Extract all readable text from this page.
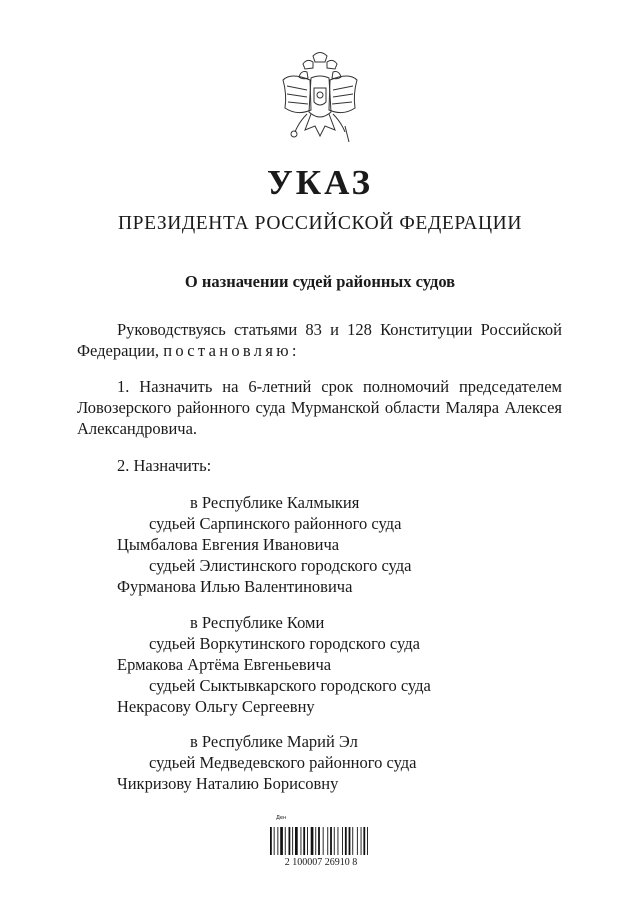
УКАЗ
ПРЕЗИДЕНТА РОССИЙСКОЙ ФЕДЕРАЦИИ
О назначении судей районных судов
Руководствуясь статьями 83 и 128 Конституции Российской
Федерации, постановляю:
1. Назначить на 6-летний срок полномочий председателем Ловозерского районного суда Мурманской области Маляра Алексея Александровича.
2. Назначить:
в Республике Калмыкия
судьей Сарпинского районного суда
Цымбалова Евгения Ивановича
судьей Элистинского городского суда
Фурманова Илью Валентиновича
в Республике Коми
судьей Воркутинского городского суда
Ермакова Артёма Евгеньевича
судьей Сыктывкарского городского суда
Некрасову Ольгу Сергеевну
в Республике Марий Эл
судьей Медведевского районного суда
Чикризову Наталию Борисовну
Ден
2 100007 26910 8
